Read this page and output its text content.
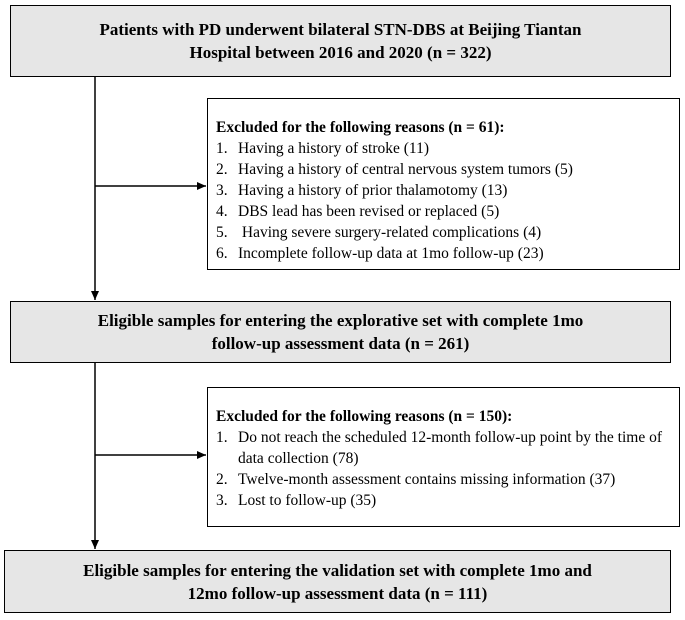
Patients with PD underwent bilateral STN-DBS at Beijing Tiantan
Hospital between 2016 and 2020 (n = 322)
Excluded for the following reasons (n = 61):
1. Having a history of stroke (11)
2. Having a history of central nervous system tumors (5)
3. Having a history of prior thalamotomy (13)
4. DBS lead has been revised or replaced (5)
5. Having severe surgery-related complications (4)
6. Incomplete follow-up data at 1mo follow-up (23)
Eligible samples for entering the explorative set with complete 1mo
follow-up assessment data (n = 261)
Excluded for the following reasons (n = 150):
1. Do not reach the scheduled 12-month follow-up point by the time of data collection (78)
2. Twelve-month assessment contains missing information (37)
3. Lost to follow-up (35)
Eligible samples for entering the validation set with complete 1mo and
12mo follow-up assessment data (n = 111)
